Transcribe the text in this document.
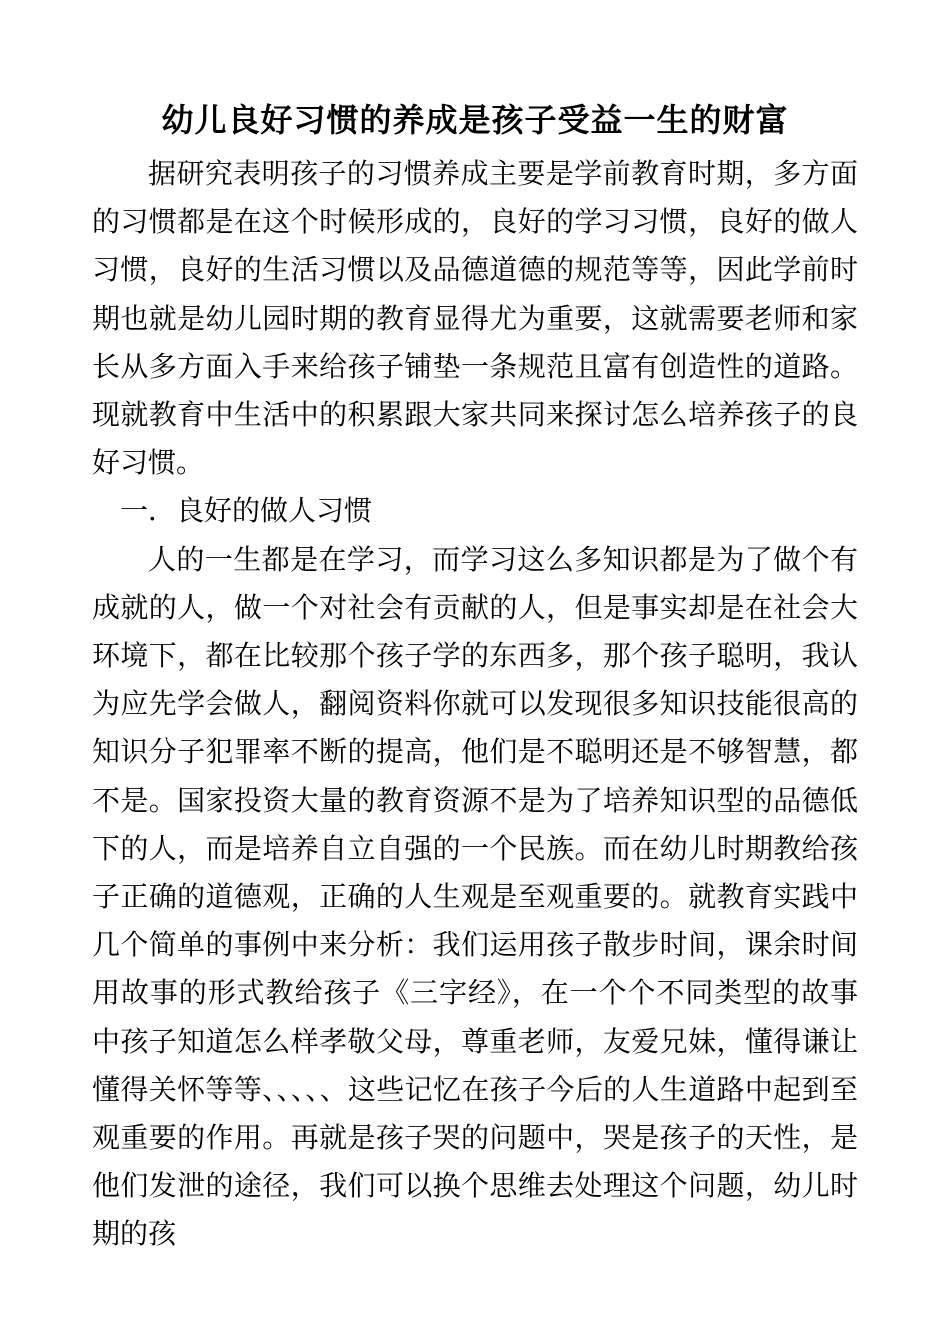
幼儿良好习惯的养成是孩子受益一生的财富

据研究表明孩子的习惯养成主要是学前教育时期，多方面的习惯都是在这个时候形成的，良好的学习习惯，良好的做人习惯，良好的生活习惯以及品德道德的规范等等，因此学前时期也就是幼儿园时期的教育显得尤为重要，这就需要老师和家长从多方面入手来给孩子铺垫一条规范且富有创造性的道路。现就教育中生活中的积累跟大家共同来探讨怎么培养孩子的良好习惯。

一．良好的做人习惯

人的一生都是在学习，而学习这么多知识都是为了做个有成就的人，做一个对社会有贡献的人，但是事实却是在社会大环境下，都在比较那个孩子学的东西多，那个孩子聪明，我认为应先学会做人，翻阅资料你就可以发现很多知识技能很高的知识分子犯罪率不断的提高，他们是不聪明还是不够智慧，都不是。国家投资大量的教育资源不是为了培养知识型的品德低下的人，而是培养自立自强的一个民族。而在幼儿时期教给孩子正确的道德观，正确的人生观是至观重要的。就教育实践中几个简单的事例中来分析：我们运用孩子散步时间，课余时间用故事的形式教给孩子《三字经》，在一个个不同类型的故事中孩子知道怎么样孝敬父母，尊重老师，友爱兄妹，懂得谦让懂得关怀等等、、、、、这些记忆在孩子今后的人生道路中起到至观重要的作用。再就是孩子哭的问题中，哭是孩子的天性，是他们发泄的途径，我们可以换个思维去处理这个问题，幼儿时期的孩
